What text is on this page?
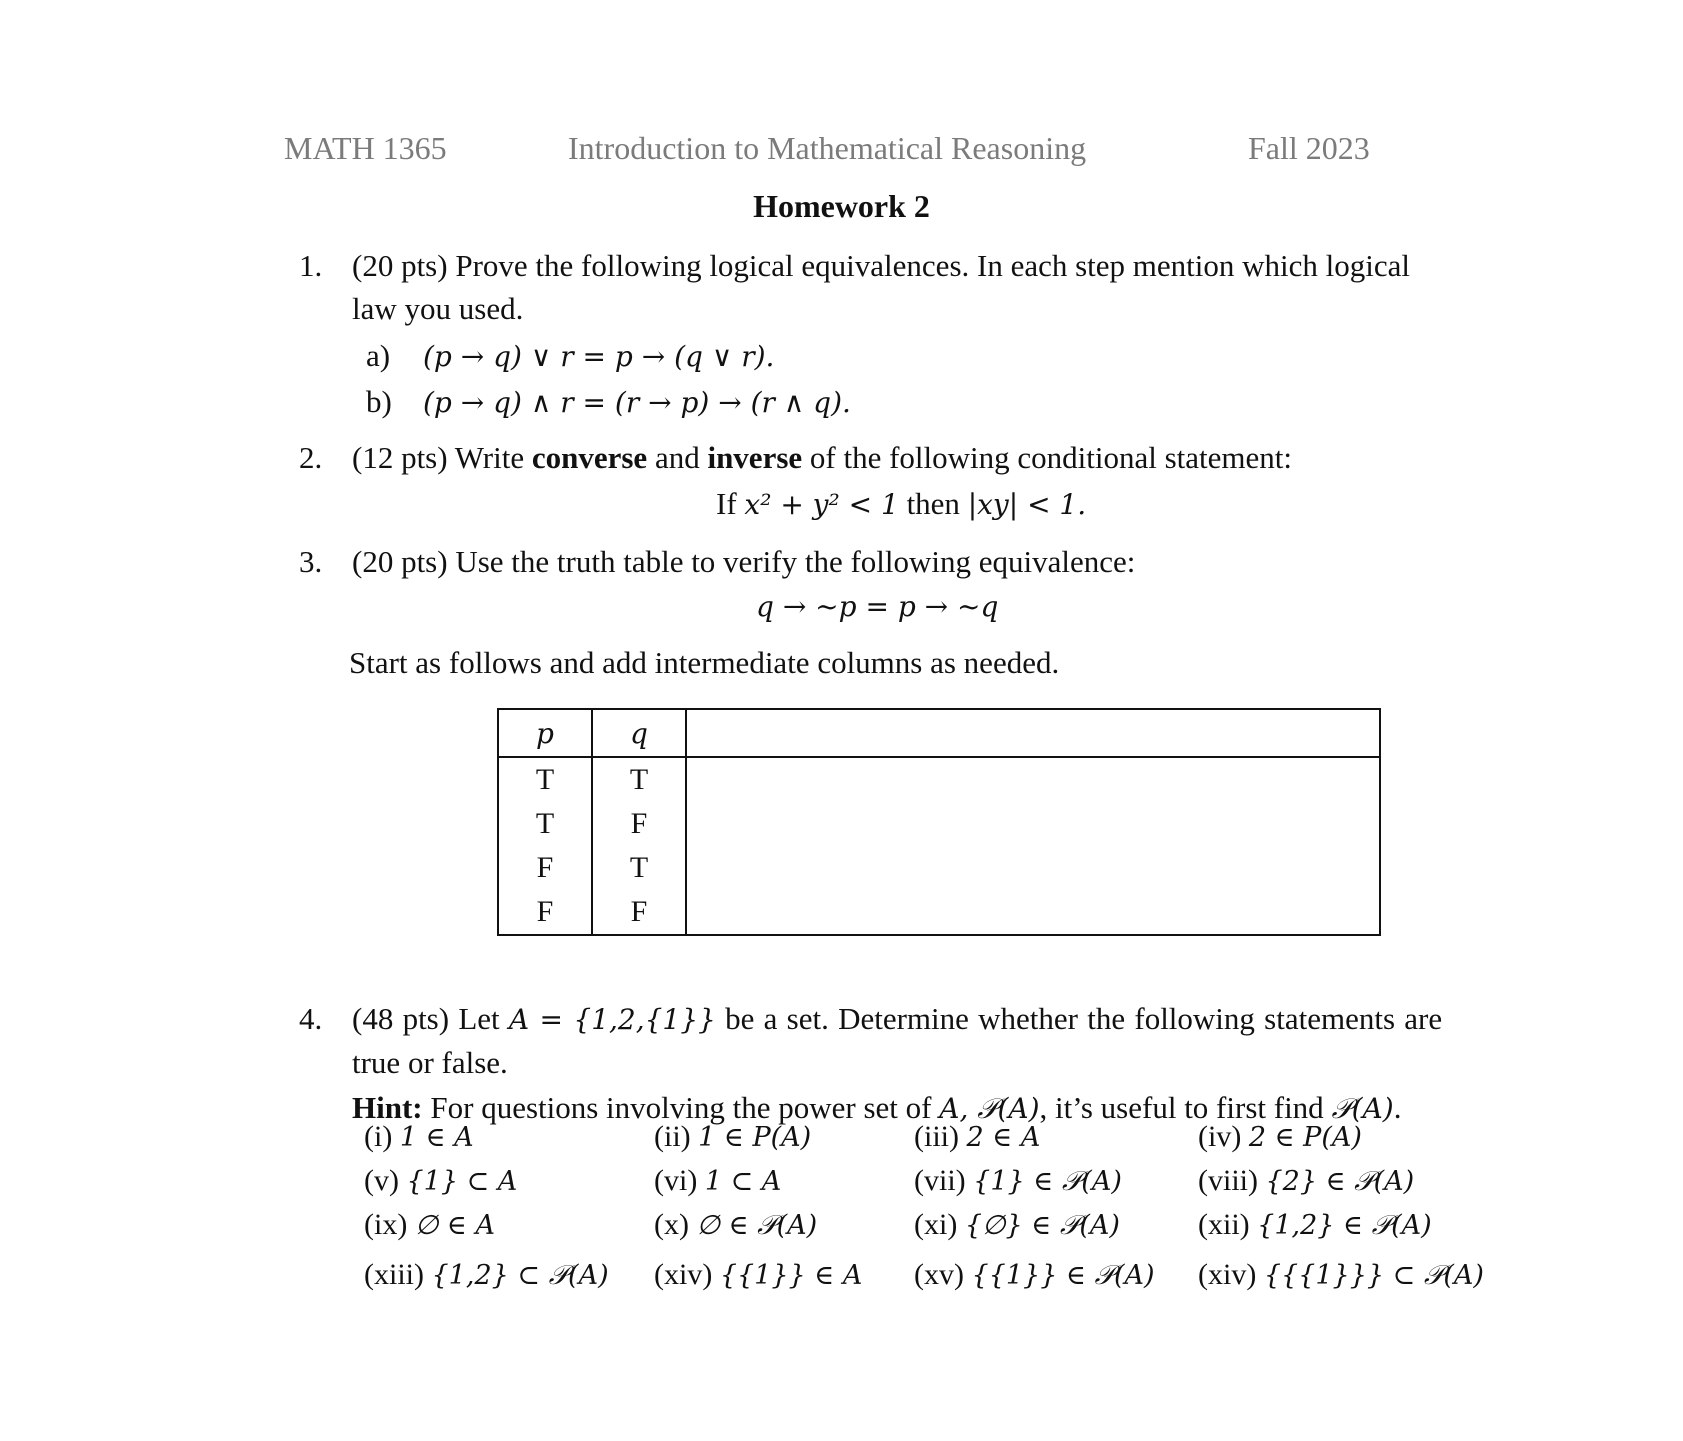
MATH 1365	Introduction to Mathematical Reasoning	Fall 2023
Homework 2
1. (20 pts) Prove the following logical equivalences. In each step mention which logical
law you used.
a) (p → q) ∨ r = p → (q ∨ r).
b) (p → q) ∧ r = (r → p) → (r ∧ q).
2. (12 pts) Write converse and inverse of the following conditional statement:
If x² + y² < 1 then |xy| < 1.
3. (20 pts) Use the truth table to verify the following equivalence:
q → ~p = p → ~q
Start as follows and add intermediate columns as needed.
p	q	
T	T	
T	F	
F	T	
F	F	
4. (48 pts) Let A = {1,2,{1}} be a set. Determine whether the following statements are
true or false.
Hint: For questions involving the power set of A, 𝒫(A), it’s useful to first find 𝒫(A).
(i) 1 ∈ A	(ii) 1 ∈ P(A)	(iii) 2 ∈ A	(iv) 2 ∈ P(A)
(v) {1} ⊂ A	(vi) 1 ⊂ A	(vii) {1} ∈ 𝒫(A)	(viii) {2} ∈ 𝒫(A)
(ix) ∅ ∈ A	(x) ∅ ∈ 𝒫(A)	(xi) {∅} ∈ 𝒫(A)	(xii) {1,2} ∈ 𝒫(A)
(xiii) {1,2} ⊂ 𝒫(A) (xiv) {{1}} ∈ A (xv) {{1}} ∈ 𝒫(A) (xiv) {{{1}}} ⊂ 𝒫(A)
